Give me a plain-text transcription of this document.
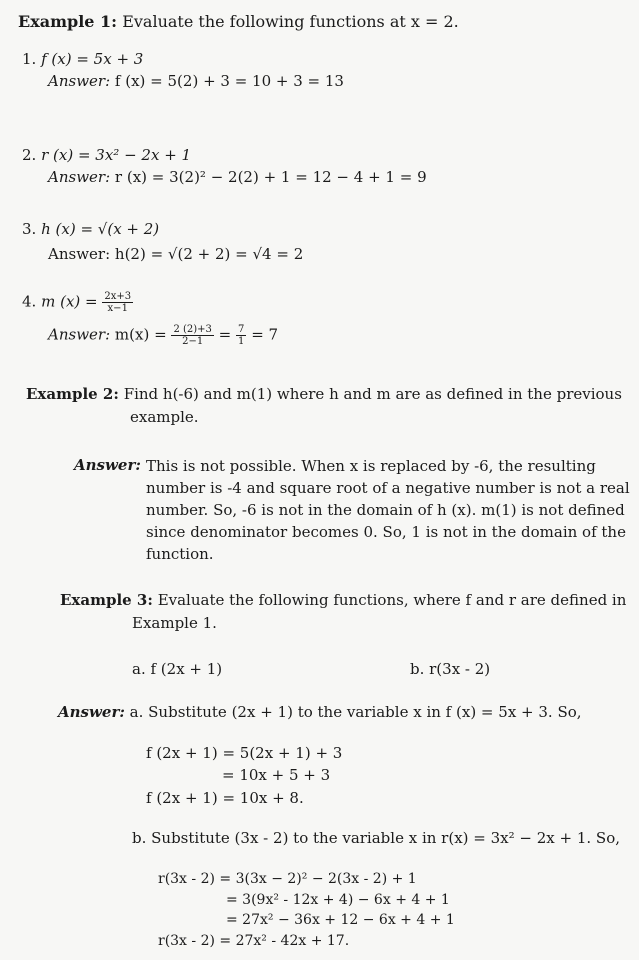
Example 1: Evaluate the following functions at x = 2.
1. f (x) = 5x + 3
Answer: f (x) = 5(2) + 3 = 10 + 3 = 13
2. r (x) = 3x² − 2x + 1
Answer: r (x) = 3(2)² − 2(2) + 1 = 12 − 4 + 1 = 9
3. h (x) = √(x + 2)
Answer: h(2) = √(2 + 2) = √4 = 2
4. m $(x) = \frac{2x+3}{x-1}$
Answer: $m(x) = \frac{2 (2)+3}{2-1} = \frac{7}{1} = 7$
Example 2: Find h(-6) and m(1) where h and m are as defined in the previous
example.
Answer: This is not possible. When x is replaced by -6, the resulting
number is -4 and square root of a negative number is not a real
number. So, -6 is not in the domain of h (x). m(1) is not defined
since denominator becomes 0. So, 1 is not in the domain of the
function.
Example 3: Evaluate the following functions, where f and r are defined in
Example 1.
a. f (2x + 1)	b. r(3x - 2)
Answer: a. Substitute (2x + 1) to the variable x in f (x) = 5x + 3. So,
f (2x + 1) = 5(2x + 1) + 3
= 10x + 5 + 3
f (2x + 1) = 10x + 8.
b. Substitute (3x - 2) to the variable x in r(x) = 3x² − 2x + 1. So,
r(3x - 2) = 3(3x − 2)² − 2(3x - 2) + 1
= 3(9x² - 12x + 4) − 6x + 4 + 1
= 27x² − 36x + 12 − 6x + 4 + 1
r(3x - 2) = 27x² - 42x + 17.
